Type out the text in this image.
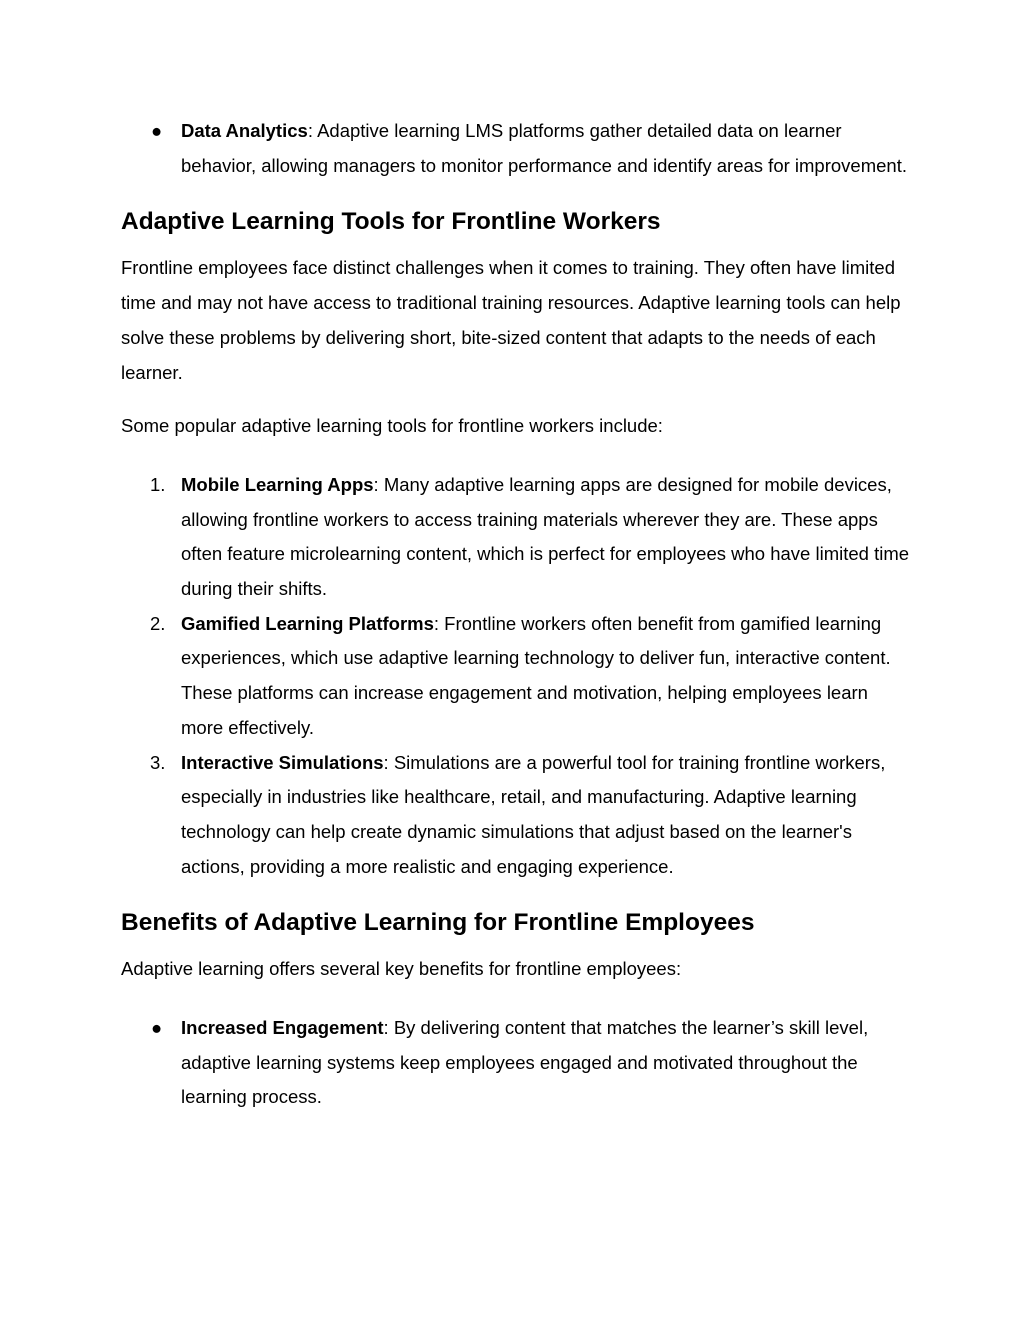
● Data Analytics: Adaptive learning LMS platforms gather detailed data on learner behavior, allowing managers to monitor performance and identify areas for improvement.
Adaptive Learning Tools for Frontline Workers

Frontline employees face distinct challenges when it comes to training. They often have limited time and may not have access to traditional training resources. Adaptive learning tools can help solve these problems by delivering short, bite-sized content that adapts to the needs of each learner.

Some popular adaptive learning tools for frontline workers include:

1. Mobile Learning Apps: Many adaptive learning apps are designed for mobile devices, allowing frontline workers to access training materials wherever they are. These apps often feature microlearning content, which is perfect for employees who have limited time during their shifts.
2. Gamified Learning Platforms: Frontline workers often benefit from gamified learning experiences, which use adaptive learning technology to deliver fun, interactive content. These platforms can increase engagement and motivation, helping employees learn more effectively.
3. Interactive Simulations: Simulations are a powerful tool for training frontline workers, especially in industries like healthcare, retail, and manufacturing. Adaptive learning technology can help create dynamic simulations that adjust based on the learner's actions, providing a more realistic and engaging experience.
Benefits of Adaptive Learning for Frontline Employees

Adaptive learning offers several key benefits for frontline employees:

● Increased Engagement: By delivering content that matches the learner’s skill level, adaptive learning systems keep employees engaged and motivated throughout the learning process.
